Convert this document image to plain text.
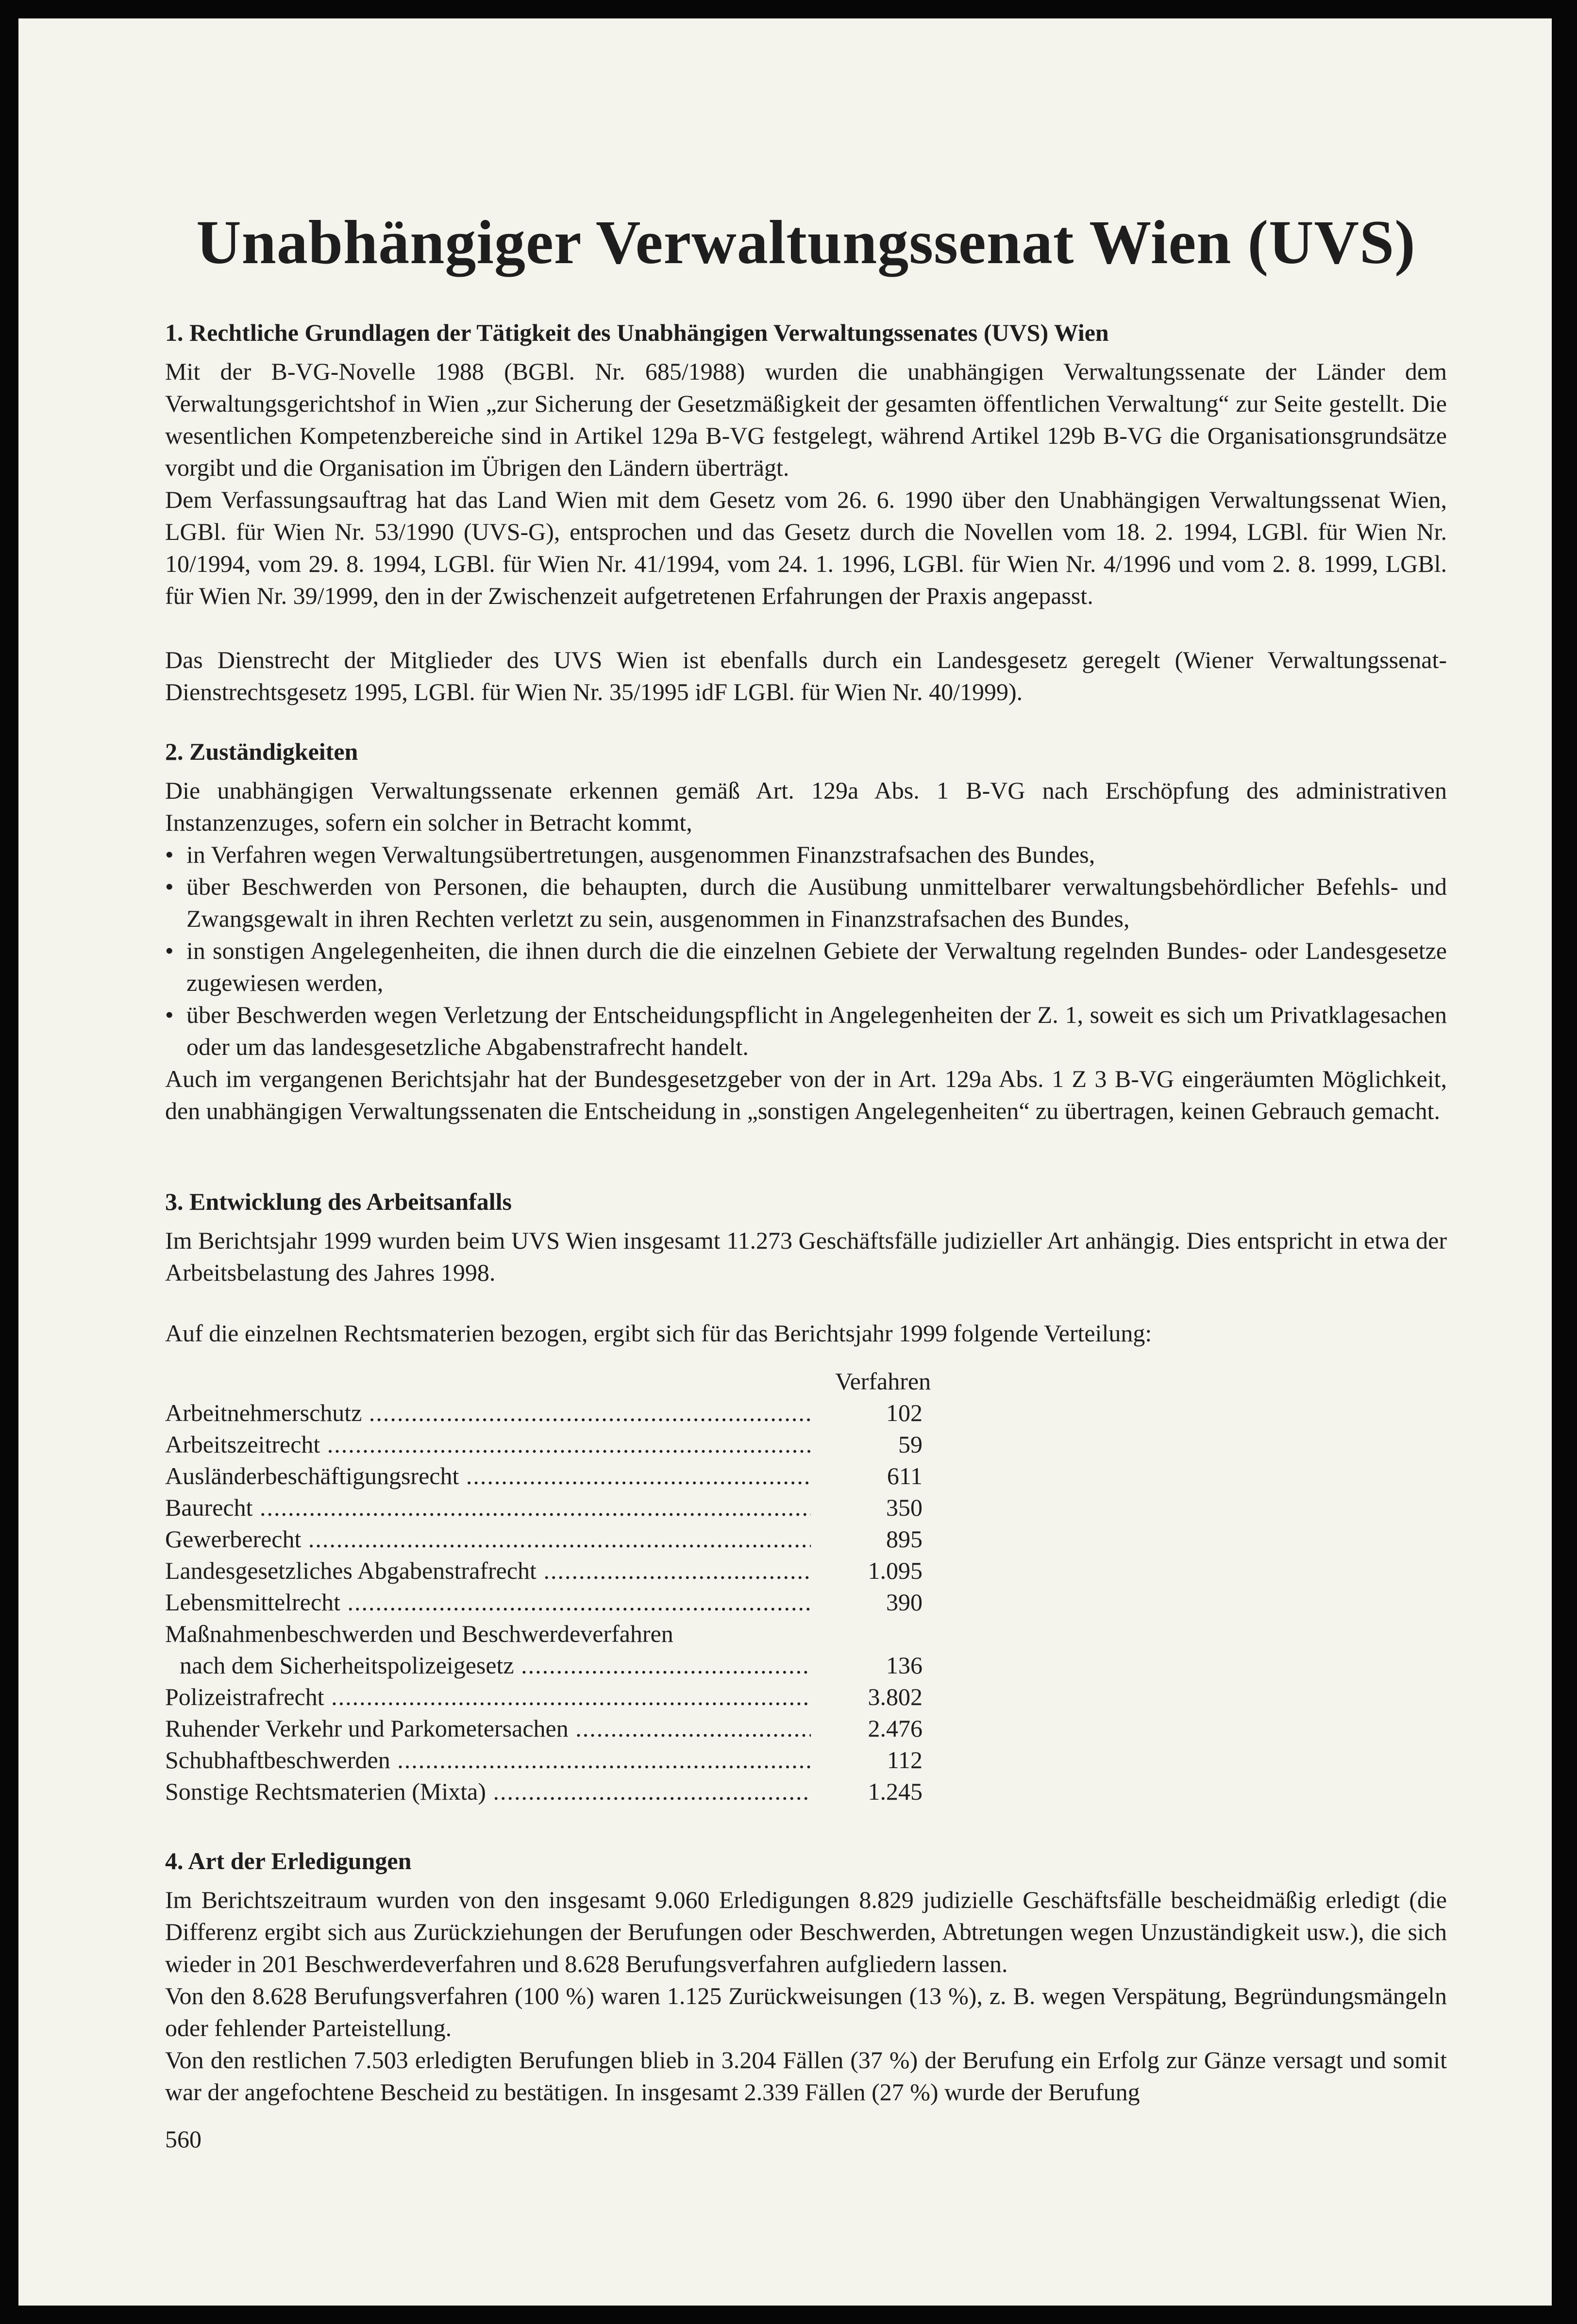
Unabhängiger Verwaltungssenat Wien (UVS)

1. Rechtliche Grundlagen der Tätigkeit des Unabhängigen Verwaltungssenates (UVS) Wien

Mit der B-VG-Novelle 1988 (BGBl. Nr. 685/1988) wurden die unabhängigen Verwaltungssenate der Länder dem Verwaltungsgerichtshof in Wien „zur Sicherung der Gesetzmäßigkeit der gesamten öffentlichen Verwaltung“ zur Seite gestellt. Die wesentlichen Kompetenzbereiche sind in Artikel 129a B-VG festgelegt, während Artikel 129b B-VG die Organisationsgrundsätze vorgibt und die Organisation im Übrigen den Ländern überträgt.

Dem Verfassungsauftrag hat das Land Wien mit dem Gesetz vom 26. 6. 1990 über den Unabhängigen Verwaltungssenat Wien, LGBl. für Wien Nr. 53/1990 (UVS-G), entsprochen und das Gesetz durch die Novellen vom 18. 2. 1994, LGBl. für Wien Nr. 10/1994, vom 29. 8. 1994, LGBl. für Wien Nr. 41/1994, vom 24. 1. 1996, LGBl. für Wien Nr. 4/1996 und vom 2. 8. 1999, LGBl. für Wien Nr. 39/1999, den in der Zwischenzeit aufgetretenen Erfahrungen der Praxis angepasst.

Das Dienstrecht der Mitglieder des UVS Wien ist ebenfalls durch ein Landesgesetz geregelt (Wiener Verwaltungssenat-Dienstrechtsgesetz 1995, LGBl. für Wien Nr. 35/1995 idF LGBl. für Wien Nr. 40/1999).

2. Zuständigkeiten

Die unabhängigen Verwaltungssenate erkennen gemäß Art. 129a Abs. 1 B-VG nach Erschöpfung des administrativen Instanzenzuges, sofern ein solcher in Betracht kommt,

• in Verfahren wegen Verwaltungsübertretungen, ausgenommen Finanzstrafsachen des Bundes,
• über Beschwerden von Personen, die behaupten, durch die Ausübung unmittelbarer verwaltungsbehördlicher Befehls- und Zwangsgewalt in ihren Rechten verletzt zu sein, ausgenommen in Finanzstrafsachen des Bundes,
• in sonstigen Angelegenheiten, die ihnen durch die die einzelnen Gebiete der Verwaltung regelnden Bundes- oder Landesgesetze zugewiesen werden,
• über Beschwerden wegen Verletzung der Entscheidungspflicht in Angelegenheiten der Z. 1, soweit es sich um Privatklagesachen oder um das landesgesetzliche Abgabenstrafrecht handelt.

Auch im vergangenen Berichtsjahr hat der Bundesgesetzgeber von der in Art. 129a Abs. 1 Z 3 B-VG eingeräumten Möglichkeit, den unabhängigen Verwaltungssenaten die Entscheidung in „sonstigen Angelegenheiten“ zu übertragen, keinen Gebrauch gemacht.

3. Entwicklung des Arbeitsanfalls

Im Berichtsjahr 1999 wurden beim UVS Wien insgesamt 11.273 Geschäftsfälle judizieller Art anhängig. Dies entspricht in etwa der Arbeitsbelastung des Jahres 1998.

Auf die einzelnen Rechtsmaterien bezogen, ergibt sich für das Berichtsjahr 1999 folgende Verteilung:

Verfahren
Arbeitnehmerschutz .....	102
Arbeitszeitrecht .....	59
Ausländerbeschäftigungsrecht .....	611
Baurecht .....	350
Gewerberecht .....	895
Landesgesetzliches Abgabenstrafrecht .....	1.095
Lebensmittelrecht .....	390
Maßnahmenbeschwerden und Beschwerdeverfahren
nach dem Sicherheitspolizeigesetz .....	136
Polizeistrafrecht .....	3.802
Ruhender Verkehr und Parkometersachen .....	2.476
Schubhaftbeschwerden .....	112
Sonstige Rechtsmaterien (Mixta) .....	1.245

4. Art der Erledigungen

Im Berichtszeitraum wurden von den insgesamt 9.060 Erledigungen 8.829 judizielle Geschäftsfälle bescheidmäßig erledigt (die Differenz ergibt sich aus Zurückziehungen der Berufungen oder Beschwerden, Abtretungen wegen Unzuständigkeit usw.), die sich wieder in 201 Beschwerdeverfahren und 8.628 Berufungsverfahren aufgliedern lassen.

Von den 8.628 Berufungsverfahren (100 %) waren 1.125 Zurückweisungen (13 %), z. B. wegen Verspätung, Begründungsmängeln oder fehlender Parteistellung.

Von den restlichen 7.503 erledigten Berufungen blieb in 3.204 Fällen (37 %) der Berufung ein Erfolg zur Gänze versagt und somit war der angefochtene Bescheid zu bestätigen. In insgesamt 2.339 Fällen (27 %) wurde der Berufung

560
